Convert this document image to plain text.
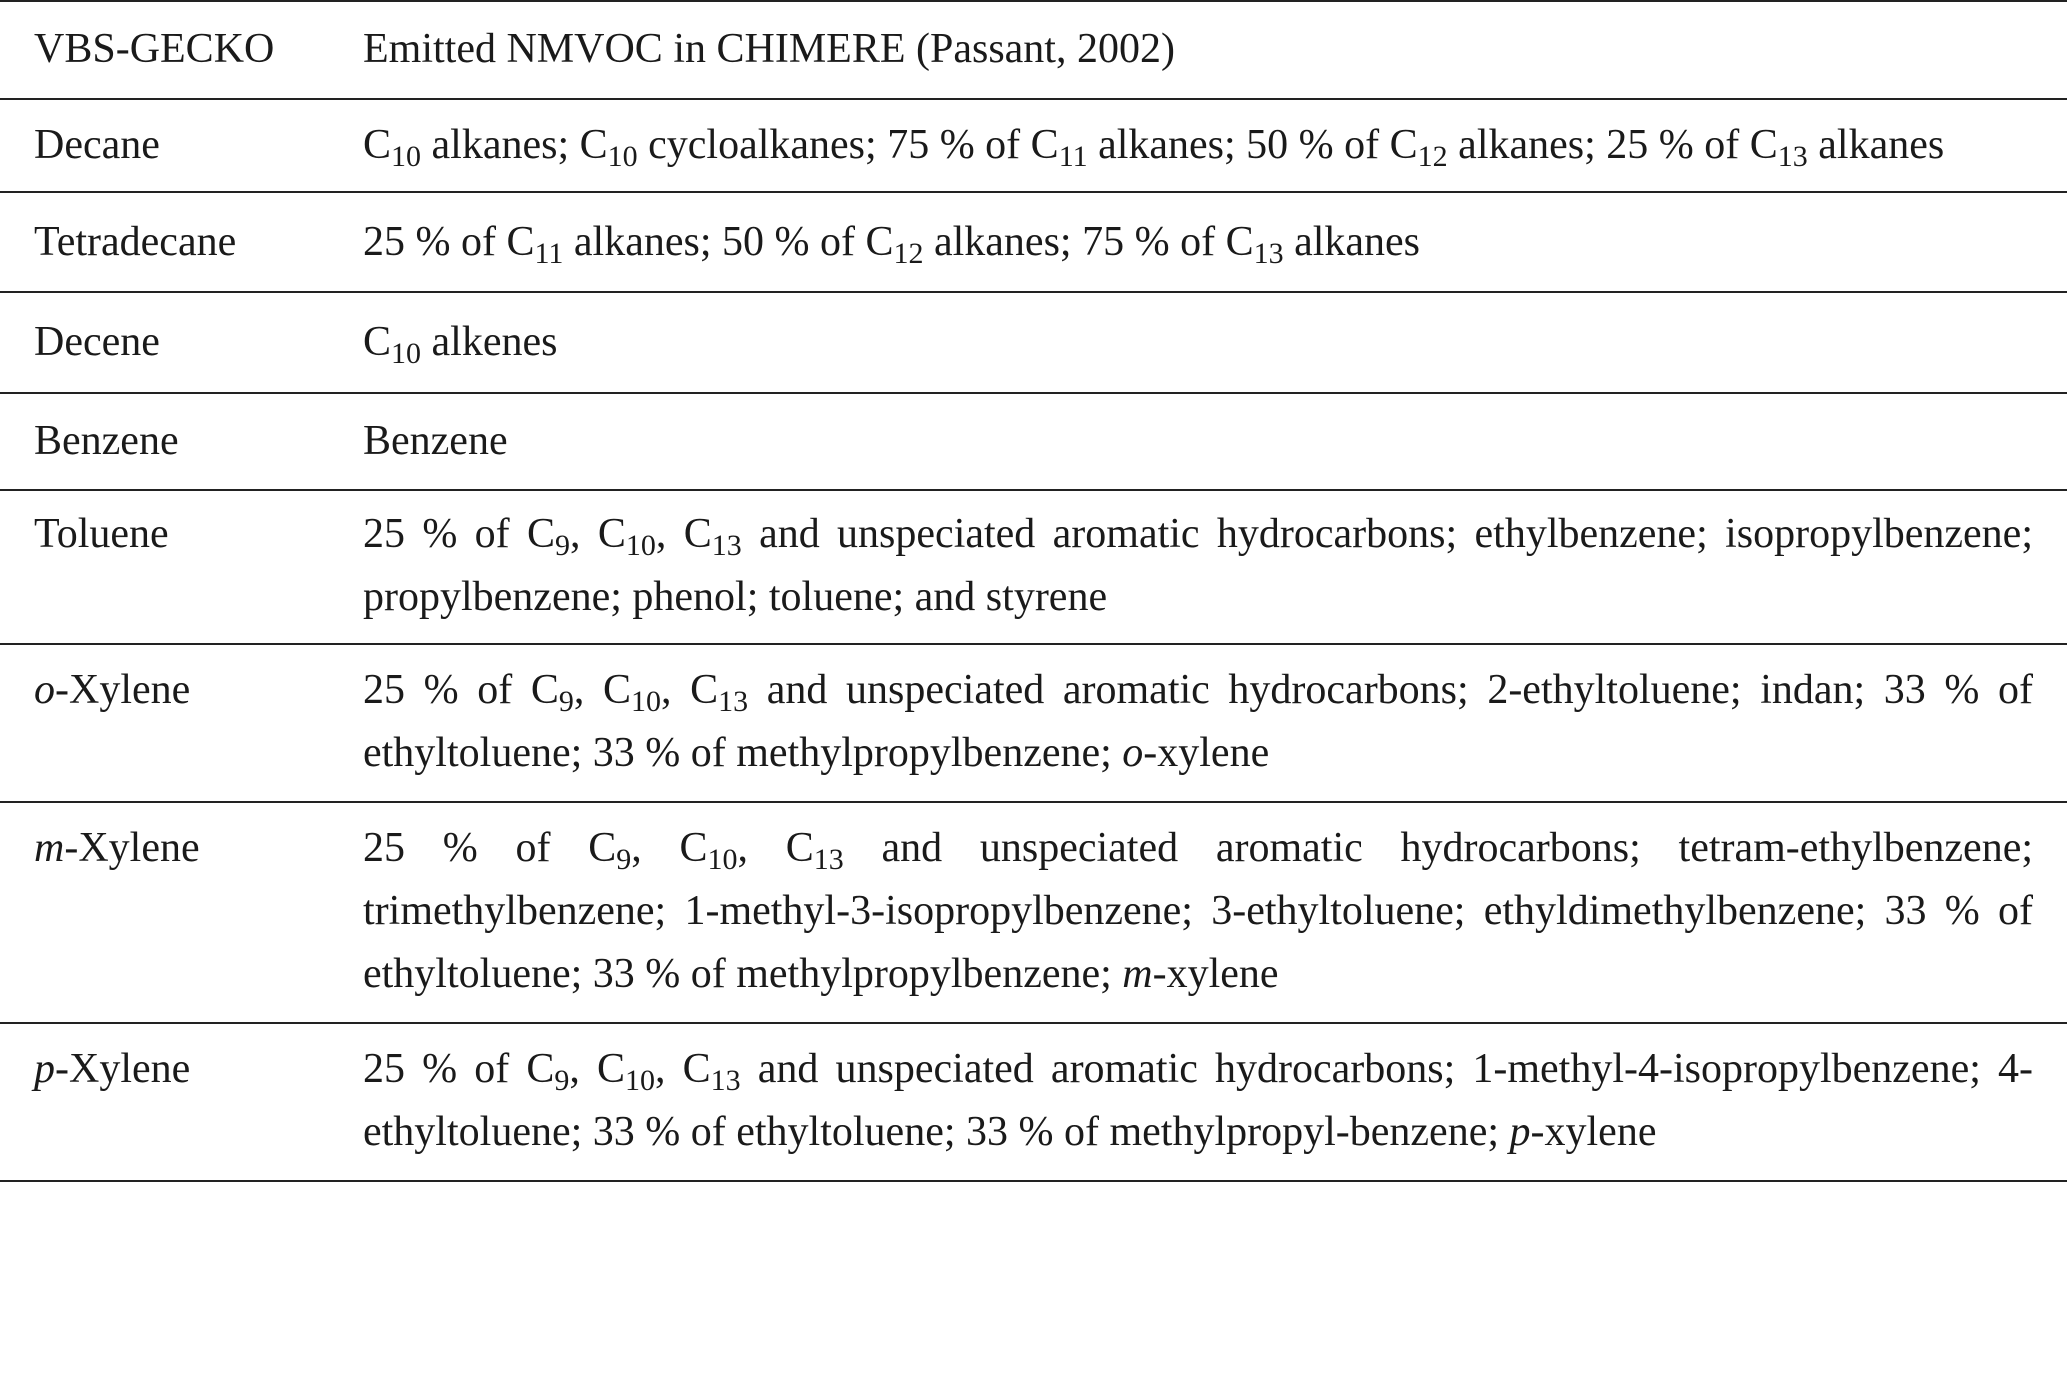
VBS-GECKO	Emitted NMVOC in CHIMERE (Passant, 2002)
Decane	C10 alkanes; C10 cycloalkanes; 75 % of C11 alkanes; 50 % of C12 alkanes; 25 % of C13 alkanes
Tetradecane	25 % of C11 alkanes; 50 % of C12 alkanes; 75 % of C13 alkanes
Decene	C10 alkenes
Benzene	Benzene
Toluene	25 % of C9, C10, C13 and unspeciated aromatic hydrocarbons; ethylbenzene; isopropylbenzene; propylbenzene; phenol; toluene; and styrene
o-Xylene	25 % of C9, C10, C13 and unspeciated aromatic hydrocarbons; 2-ethyltoluene; indan; 33 % of ethyltoluene; 33 % of methylpropylbenzene; o-xylene
m-Xylene	25 % of C9, C10, C13 and unspeciated aromatic hydrocarbons; tetram-ethylbenzene; trimethylbenzene; 1-methyl-3-isopropylbenzene; 3-ethyltoluene; ethyldimethylbenzene; 33 % of ethyltoluene; 33 % of methylpropylbenzene; m-xylene
p-Xylene	25 % of C9, C10, C13 and unspeciated aromatic hydrocarbons; 1-methyl-4-isopropylbenzene; 4-ethyltoluene; 33 % of ethyltoluene; 33 % of methylpropyl-benzene; p-xylene
